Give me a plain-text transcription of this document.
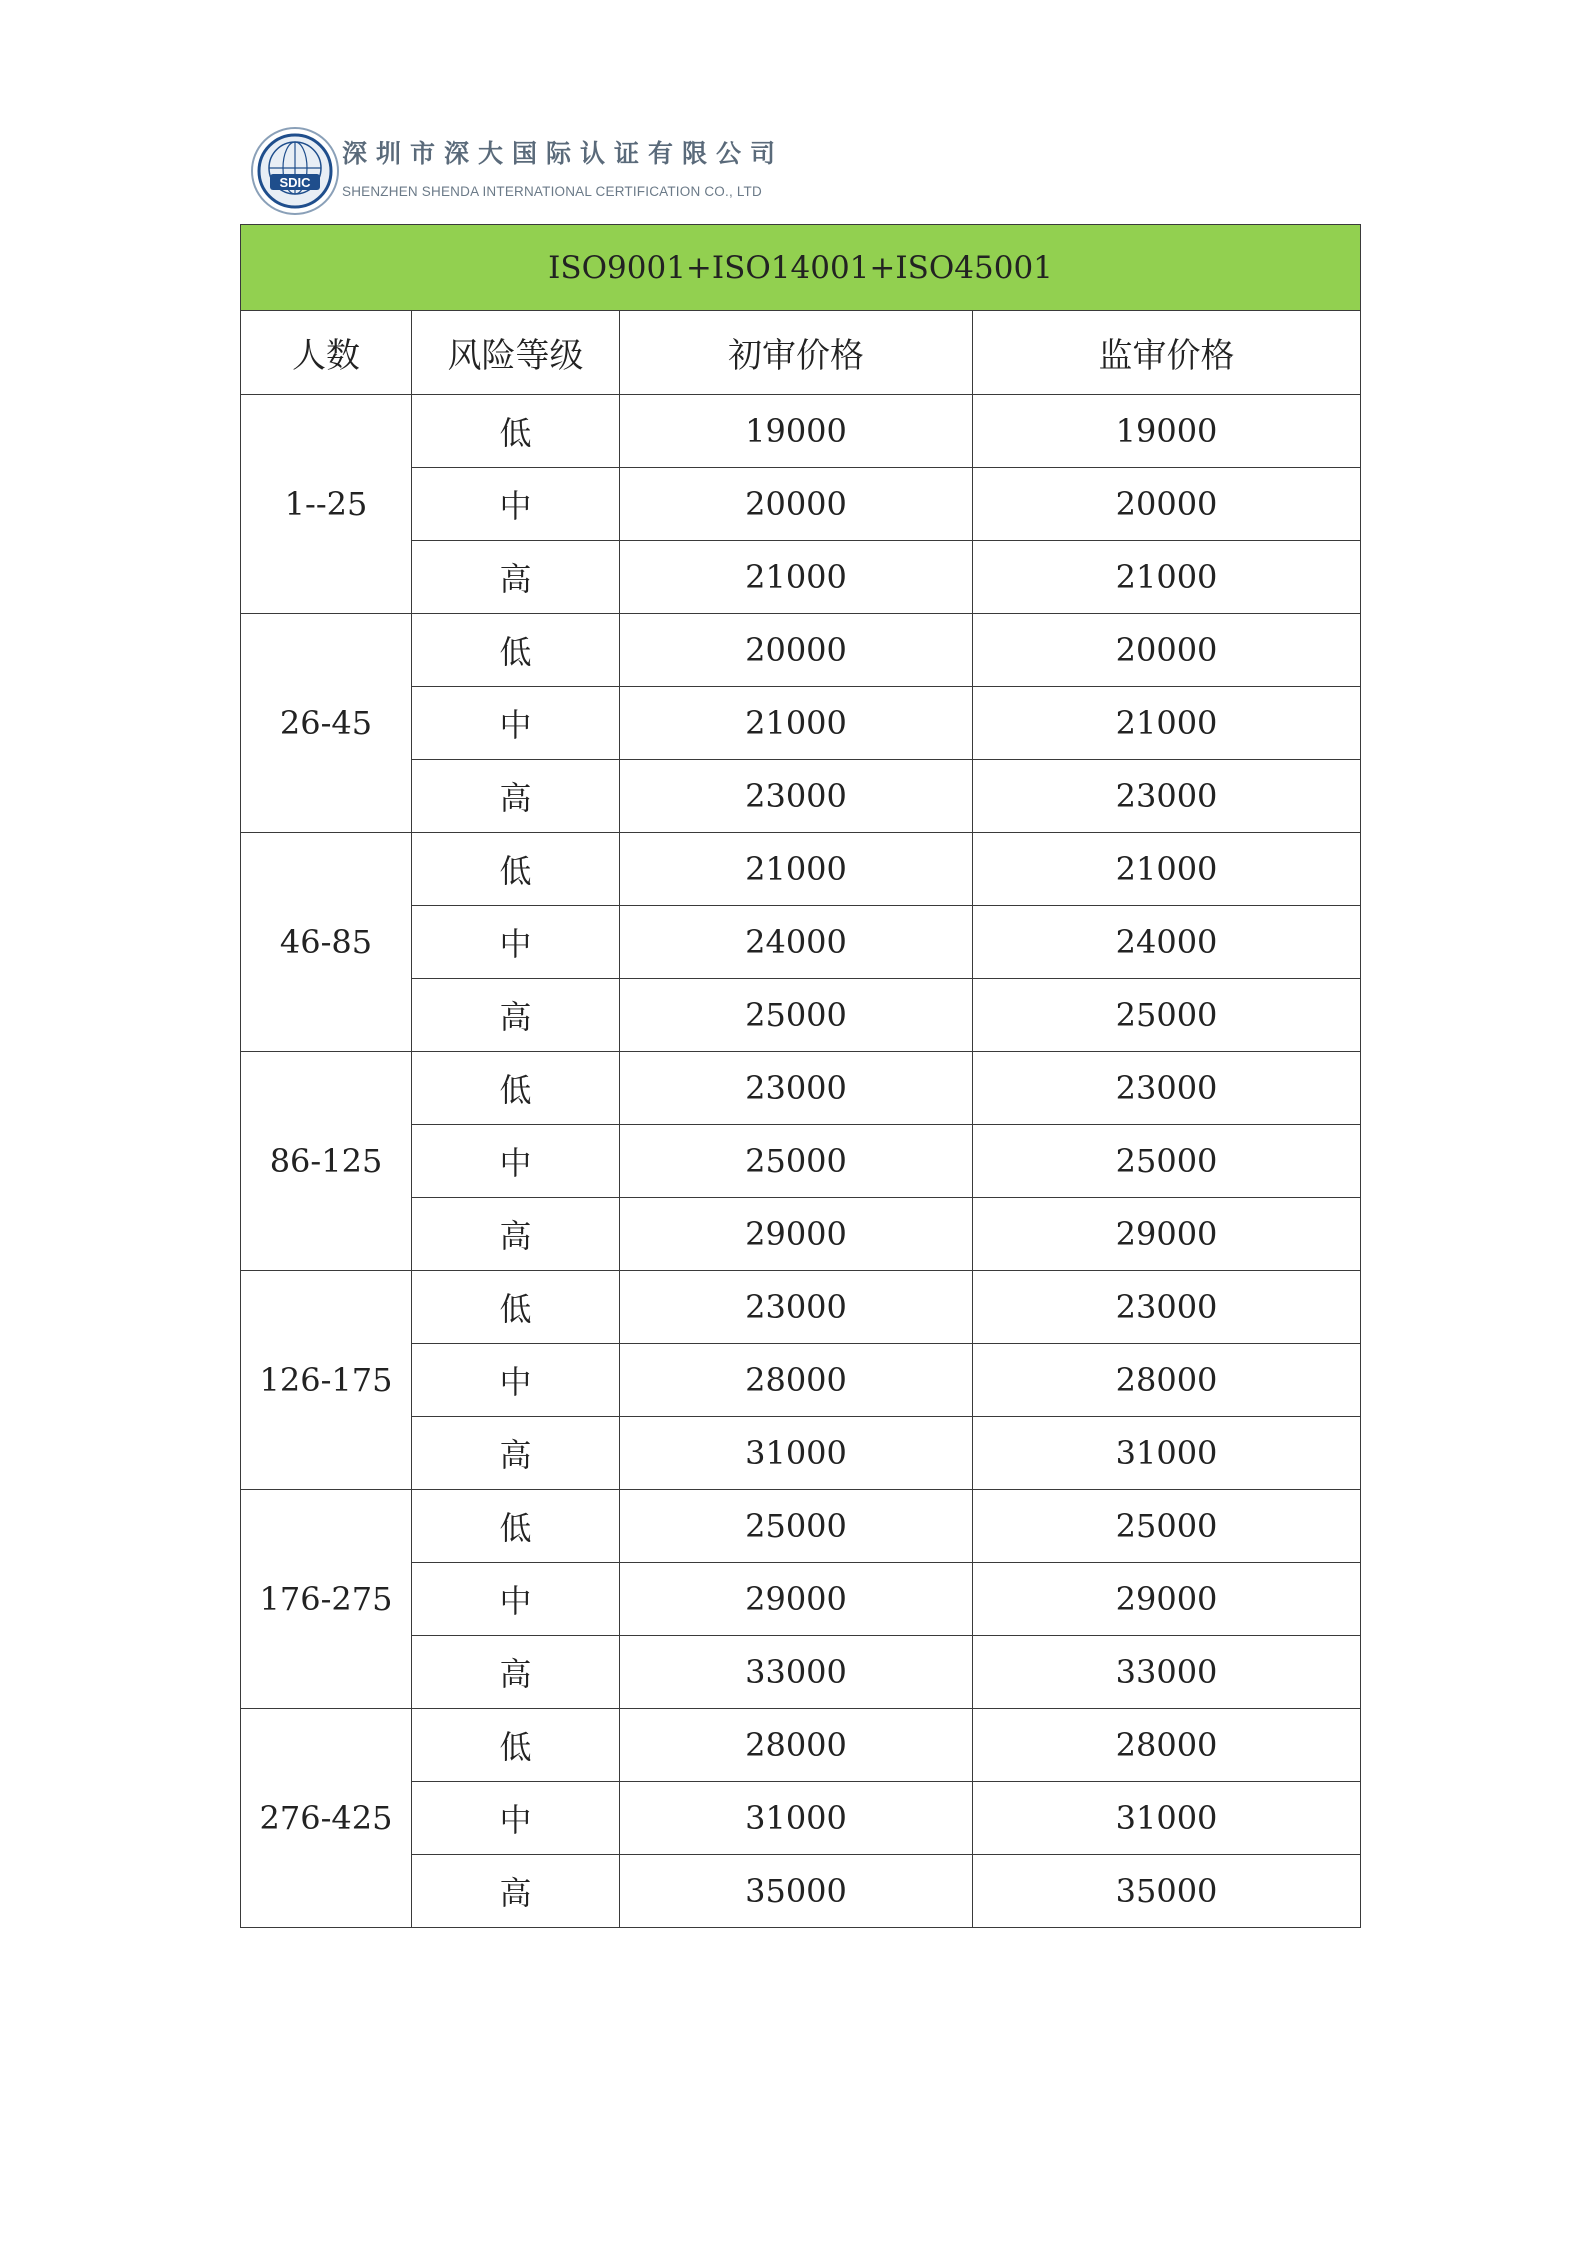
SDIC
深圳市深大国际认证有限公司
SHENZHEN SHENDA INTERNATIONAL CERTIFICATION CO., LTD
ISO9001+ISO14001+ISO45001			
人数	风险等级	初审价格	监审价格
1--25	低	19000	19000
	中	20000	20000
	高	21000	21000
26-45	低	20000	20000
	中	21000	21000
	高	23000	23000
46-85	低	21000	21000
	中	24000	24000
	高	25000	25000
86-125	低	23000	23000
	中	25000	25000
	高	29000	29000
126-175	低	23000	23000
	中	28000	28000
	高	31000	31000
176-275	低	25000	25000
	中	29000	29000
	高	33000	33000
276-425	低	28000	28000
	中	31000	31000
	高	35000	35000
